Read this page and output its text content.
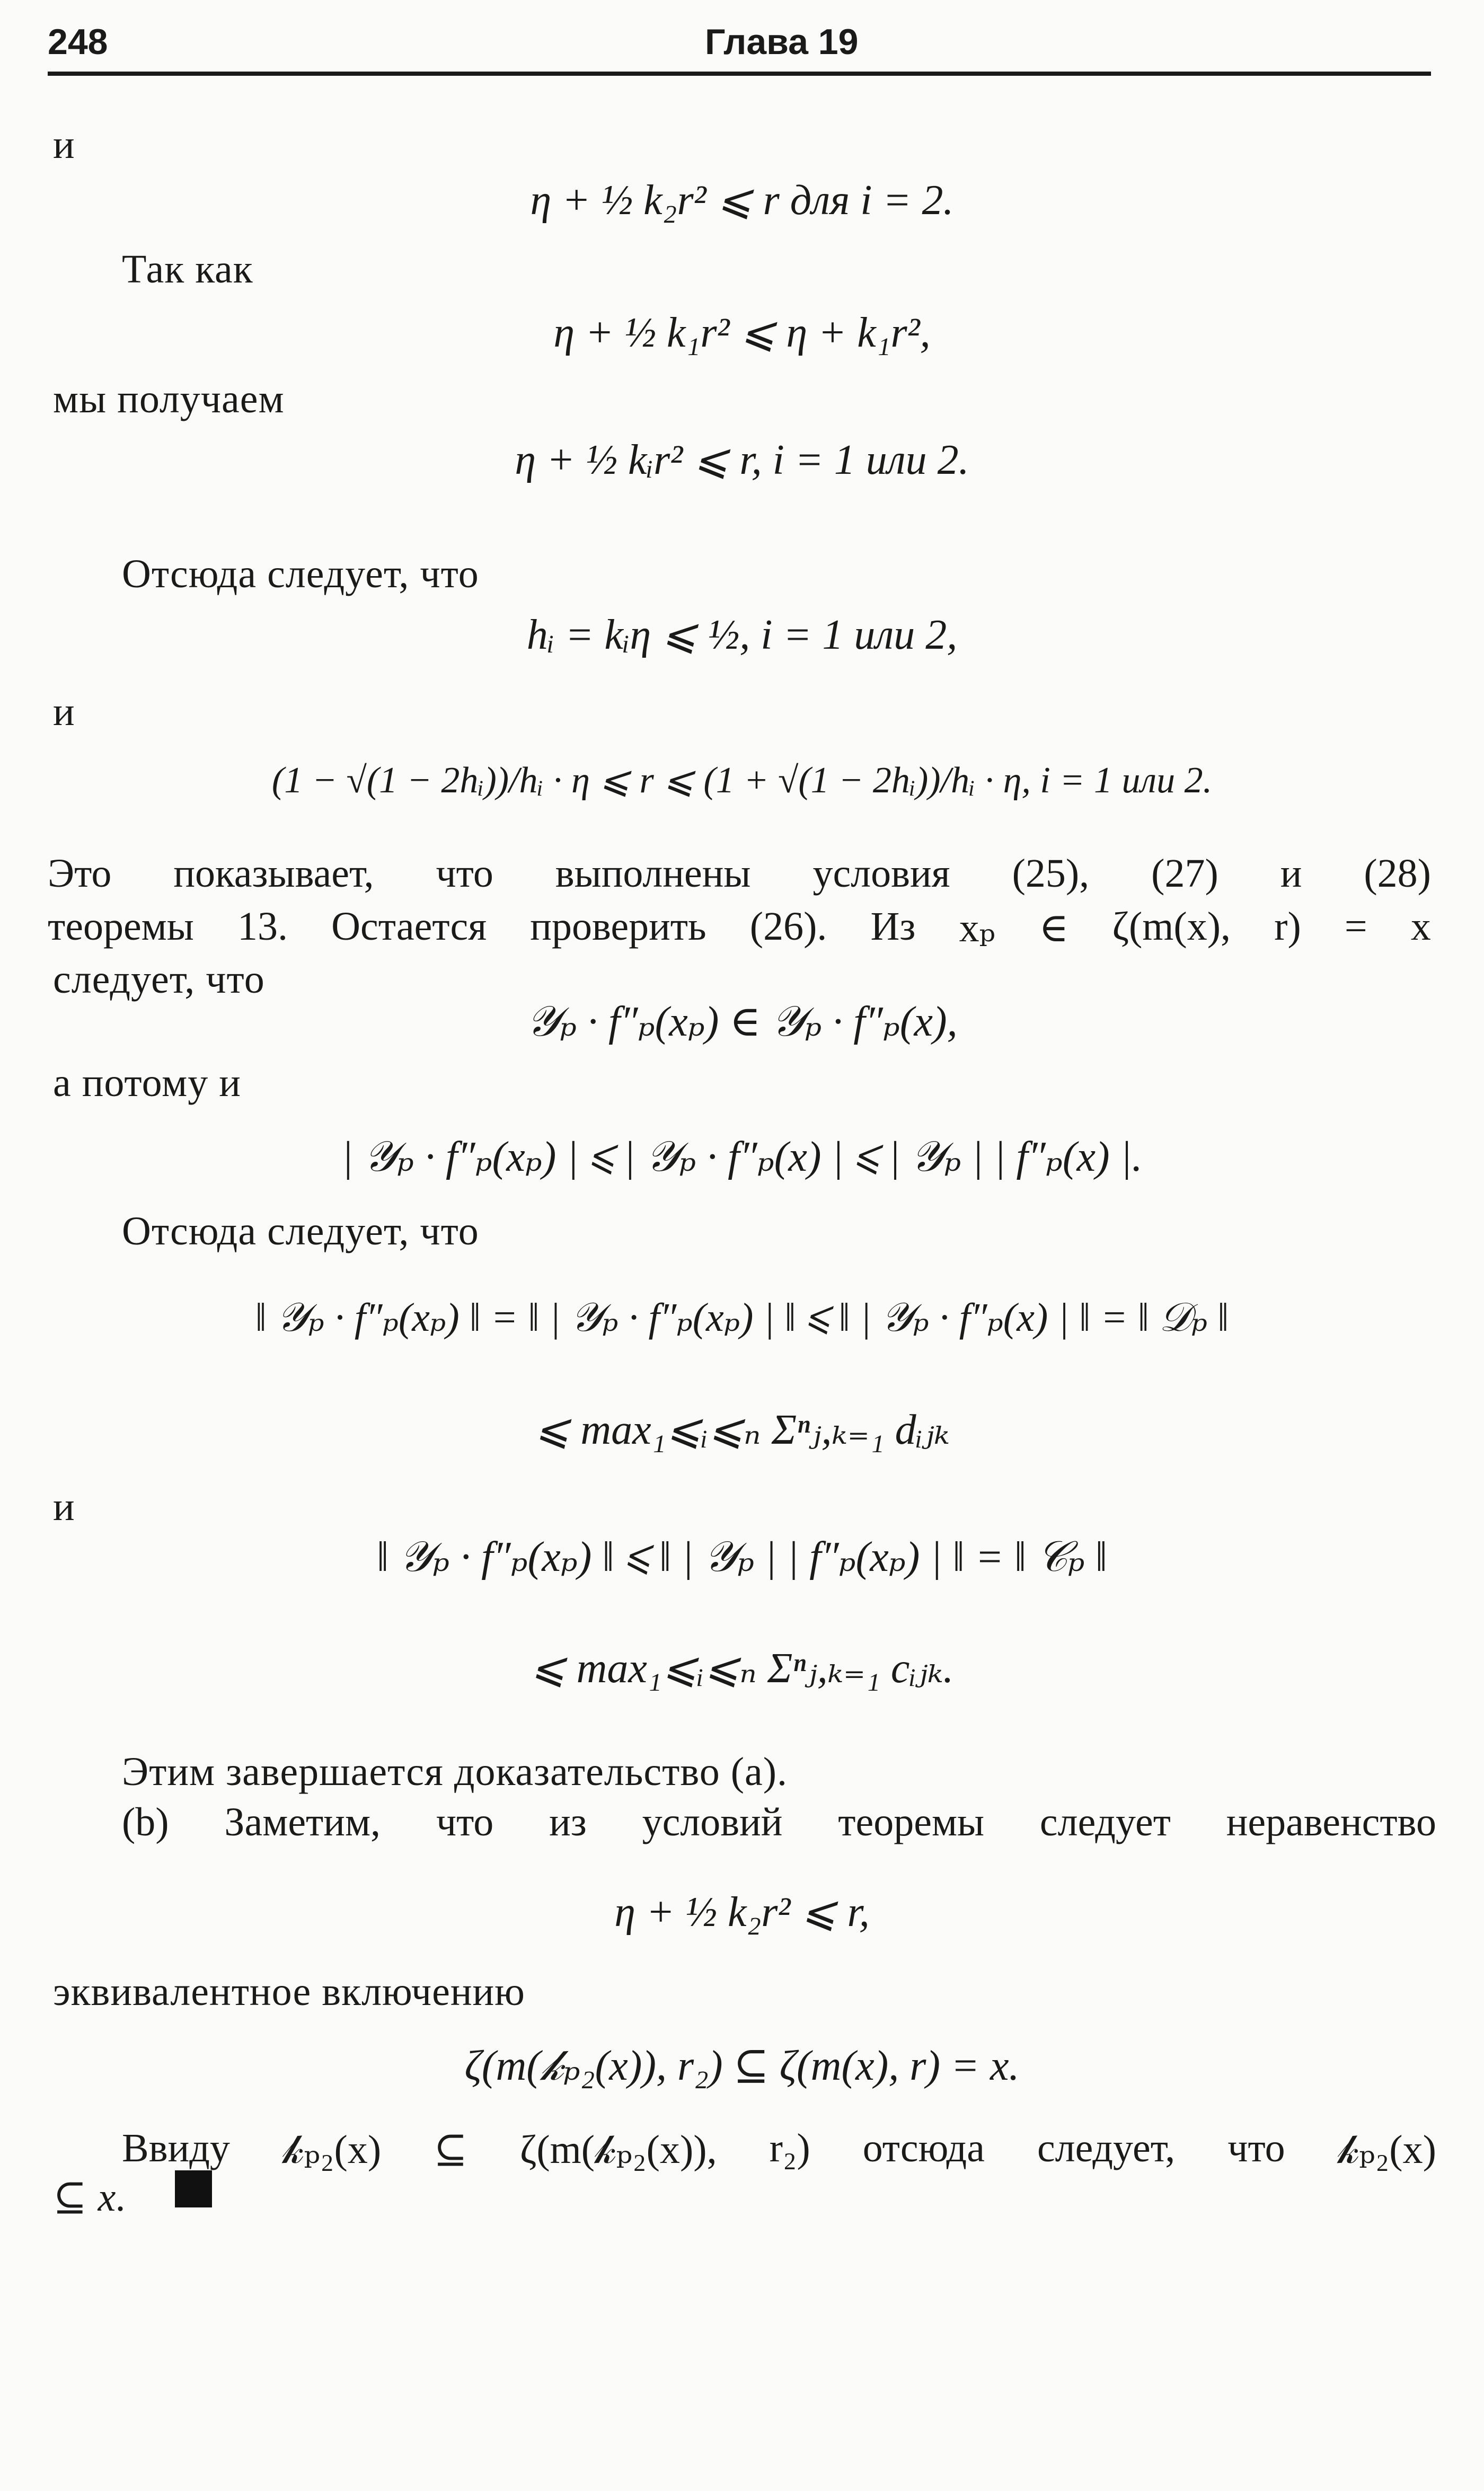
248	Глава 19
и
η + ½ k₂r² ⩽ r для i = 2.
Так как
η + ½ k₁r² ⩽ η + k₁r²,
мы получаем
η + ½ kᵢr² ⩽ r, i = 1 или 2.
Отсюда следует, что
hᵢ = kᵢη ⩽ ½, i = 1 или 2,
и
(1 − √(1 − 2hᵢ))/hᵢ · η ⩽ r ⩽ (1 + √(1 − 2hᵢ))/hᵢ · η, i = 1 или 2.
Это показывает, что выполнены условия (25), (27) и (28)
теоремы 13. Остается проверить (26). Из xₚ ∈ ζ(m(x), r) = x
следует, что
𝒴ₚ · f″ₚ(xₚ) ∈ 𝒴ₚ · f″ₚ(x),
а потому и
| 𝒴ₚ · f″ₚ(xₚ) | ⩽ | 𝒴ₚ · f″ₚ(x) | ⩽ | 𝒴ₚ | | f″ₚ(x) |.
Отсюда следует, что
‖ 𝒴ₚ · f″ₚ(xₚ) ‖ = ‖ | 𝒴ₚ · f″ₚ(xₚ) | ‖ ⩽ ‖ | 𝒴ₚ · f″ₚ(x) | ‖ = ‖ 𝒟ₚ ‖
⩽ max₁⩽ᵢ⩽ₙ Σⁿⱼ,ₖ₌₁ dᵢⱼₖ
и
‖ 𝒴ₚ · f″ₚ(xₚ) ‖ ⩽ ‖ | 𝒴ₚ | | f″ₚ(xₚ) | ‖ = ‖ 𝒞ₚ ‖
⩽ max₁⩽ᵢ⩽ₙ Σⁿⱼ,ₖ₌₁ cᵢⱼₖ.
Этим завершается доказательство (a).
(b) Заметим, что из условий теоремы следует неравенство
η + ½ k₂r² ⩽ r,
эквивалентное включению
ζ(m(𝓀ₚ₂(x)), r₂) ⊆ ζ(m(x), r) = x.
Ввиду 𝓀ₚ₂(x) ⊆ ζ(m(𝓀ₚ₂(x)), r₂) отсюда следует, что 𝓀ₚ₂(x)
⊆ x.
